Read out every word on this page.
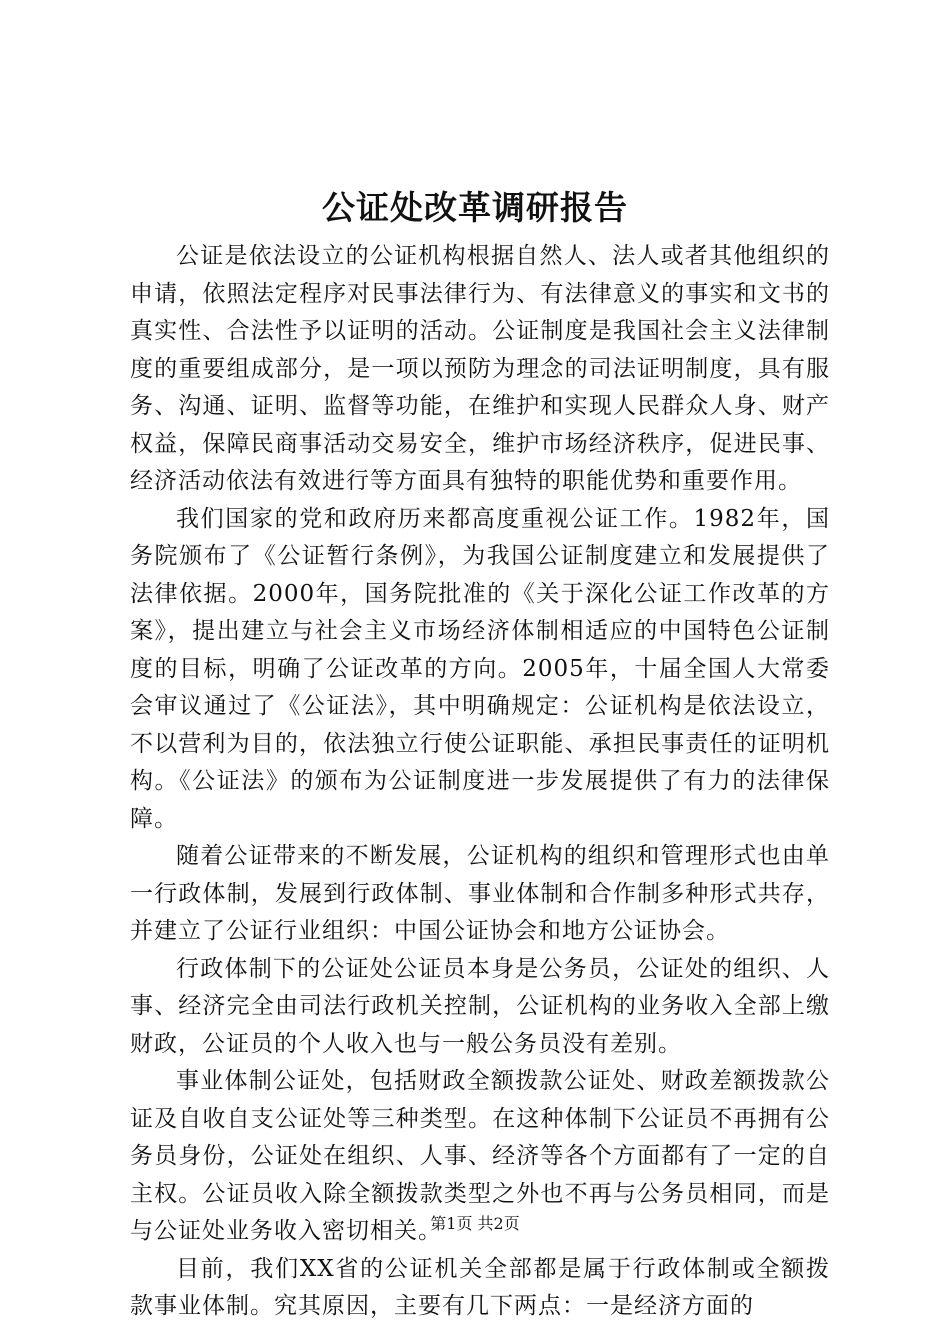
公证处改革调研报告

公证是依法设立的公证机构根据自然人、法人或者其他组织的申请，依照法定程序对民事法律行为、有法律意义的事实和文书的真实性、合法性予以证明的活动。公证制度是我国社会主义法律制度的重要组成部分，是一项以预防为理念的司法证明制度，具有服务、沟通、证明、监督等功能，在维护和实现人民群众人身、财产权益，保障民商事活动交易安全，维护市场经济秩序，促进民事、经济活动依法有效进行等方面具有独特的职能优势和重要作用。

我们国家的党和政府历来都高度重视公证工作。1982年，国务院颁布了《公证暂行条例》，为我国公证制度建立和发展提供了法律依据。2000年，国务院批准的《关于深化公证工作改革的方案》，提出建立与社会主义市场经济体制相适应的中国特色公证制度的目标，明确了公证改革的方向。2005年，十届全国人大常委会审议通过了《公证法》，其中明确规定：公证机构是依法设立，不以营利为目的，依法独立行使公证职能、承担民事责任的证明机构。《公证法》的颁布为公证制度进一步发展提供了有力的法律保障。

随着公证带来的不断发展，公证机构的组织和管理形式也由单一行政体制，发展到行政体制、事业体制和合作制多种形式共存，并建立了公证行业组织：中国公证协会和地方公证协会。

行政体制下的公证处公证员本身是公务员，公证处的组织、人事、经济完全由司法行政机关控制，公证机构的业务收入全部上缴财政，公证员的个人收入也与一般公务员没有差别。

事业体制公证处，包括财政全额拨款公证处、财政差额拨款公证及自收自支公证处等三种类型。在这种体制下公证员不再拥有公务员身份，公证处在组织、人事、经济等各个方面都有了一定的自主权。公证员收入除全额拨款类型之外也不再与公务员相同，而是与公证处业务收入密切相关。

目前，我们XX省的公证机关全部都是属于行政体制或全额拨款事业体制。究其原因，主要有几下两点：一是经济方面的

第1页 共2页
